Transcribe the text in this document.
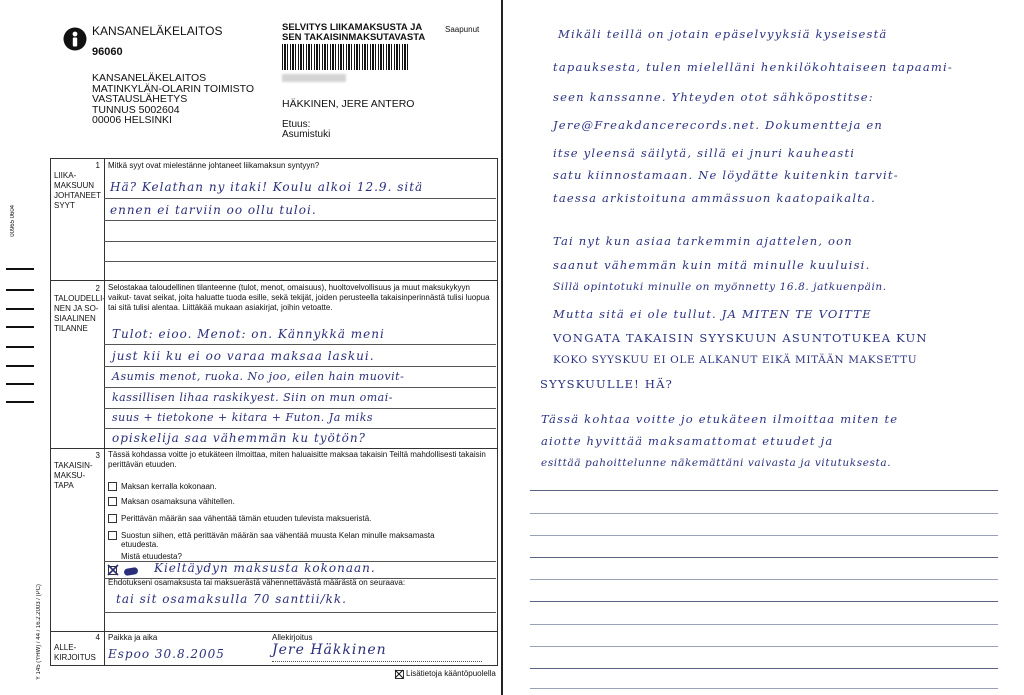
KANSANELÄKELAITOS
96060
KANSANELÄKELAITOS
MATINKYLÄN-OLARIN TOIMISTO
VASTAUSLÄHETYS
TUNNUS 5002604
00006 HELSINKI
SELVITYS LIIKAMAKSUSTA JA
SEN TAKAISINMAKSUTAVASTA
Saapunut
HÄKKINEN, JERE ANTERO
Etuus:
Asumistuki
00965 0604
Y 145 (YHW) / 44 / 16.2.2003 / (PC)
1
LIIKA- MAKSUUN JOHTANEET SYYT
Mitkä syyt ovat mielestänne johtaneet liikamaksun syntyyn?
Hä? Kelathan ny itaki! Koulu alkoi 12.9. sitä
ennen ei tarviin oo ollu tuloi.
2
TALOUDELLI- NEN JA SO- SIAALINEN TILANNE
Selostakaa taloudellinen tilanteenne (tulot, menot, omaisuus), huoltovelvollisuus ja muut maksukykyyn vaikut- tavat seikat, joita haluatte tuoda esille, sekä tekijät, joiden perusteella takaisinperinnästä tulisi luopua tai sitä tulisi alentaa. Liittäkää mukaan asiakirjat, joihin vetoatte.
Tulot: eioo. Menot: on. Kännykkä meni
just kii ku ei oo varaa maksaa laskui.
Asumis menot, ruoka. No joo, eilen hain muovit-
kassillisen lihaa raskikyest. Siin on mun omai-
suus + tietokone + kitara + Futon. Ja miks
opiskelija saa vähemmän ku työtön?
3
TAKAISIN- MAKSU- TAPA
Tässä kohdassa voitte jo etukäteen ilmoittaa, miten haluaisitte maksaa takaisin Teiltä mahdollisesti takaisin perittävän etuuden.
Maksan kerralla kokonaan.
Maksan osamaksuna vähitellen.
Perittävän määrän saa vähentää tämän etuuden tulevista maksueristä.
Suostun siihen, että perittävän määrän saa vähentää muusta Kelan minulle maksamasta etuudesta.
Mistä etuudesta?
Kieltäydyn maksusta kokonaan.
Ehdotukseni osamaksusta tai maksuerästä vähennettävästä määrästä on seuraava:
tai sit osamaksulla 70 santtii/kk.
4
ALLE- KIRJOITUS
Paikka ja aika	Allekirjoitus
Espoo 30.8.2005	Jere Häkkinen
Lisätietoja kääntöpuolella
Mikäli teillä on jotain epäselvyyksiä kyseisestä
tapauksesta, tulen mielelläni henkilökohtaiseen tapaami-
seen kanssanne. Yhteyden otot sähköpostitse:
Jere@Freakdancerecords.net. Dokumentteja en
itse yleensä säilytä, sillä ei jnuri kauheasti
satu kiinnostamaan. Ne löydätte kuitenkin tarvit-
taessa arkistoituna ammässuon kaatopaikalta.
Tai nyt kun asiaa tarkemmin ajattelen, oon
saanut vähemmän kuin mitä minulle kuuluisi.
Sillä opintotuki minulle on myönnetty 16.8. jatkuenpäin.
Mutta sitä ei ole tullut. JA MITEN TE VOITTE
VONGATA TAKAISIN SYYSKUUN ASUNTOTUKEA KUN
KOKO SYYSKUU EI OLE ALKANUT EIKÄ MITÄÄN MAKSETTU
SYYSKUULLE! HÄ?
Tässä kohtaa voitte jo etukäteen ilmoittaa miten te
aiotte hyvittää maksamattomat etuudet ja
esittää pahoittelunne näkemättäni vaivasta ja vitutuksesta.
